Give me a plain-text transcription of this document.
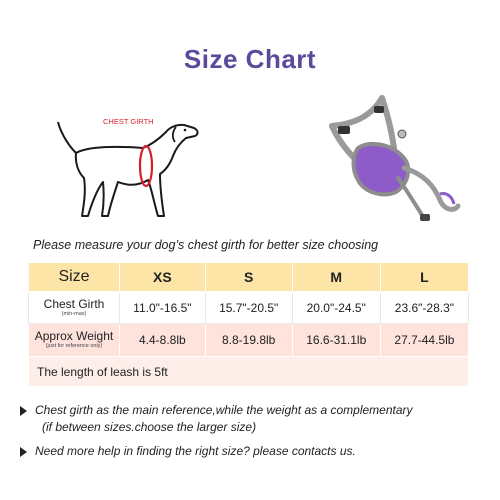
Size Chart
CHEST GIRTH
Please measure your dog’s chest girth for better size choosing
Size	XS	S	M	L

Chest Girth
(min-max)	11.0"-16.5"	15.7"-20.5"	20.0"-24.5"	23.6"-28.3"

Approx Weight
(just for reference only)	4.4-8.8lb	8.8-19.8lb	16.6-31.1lb	27.7-44.5lb
The length of leash is 5ft				
Chest girth as the main reference,while the weight as a complementary
(if between sizes.choose the larger size)
Need more help in finding the right size? please contacts us.
